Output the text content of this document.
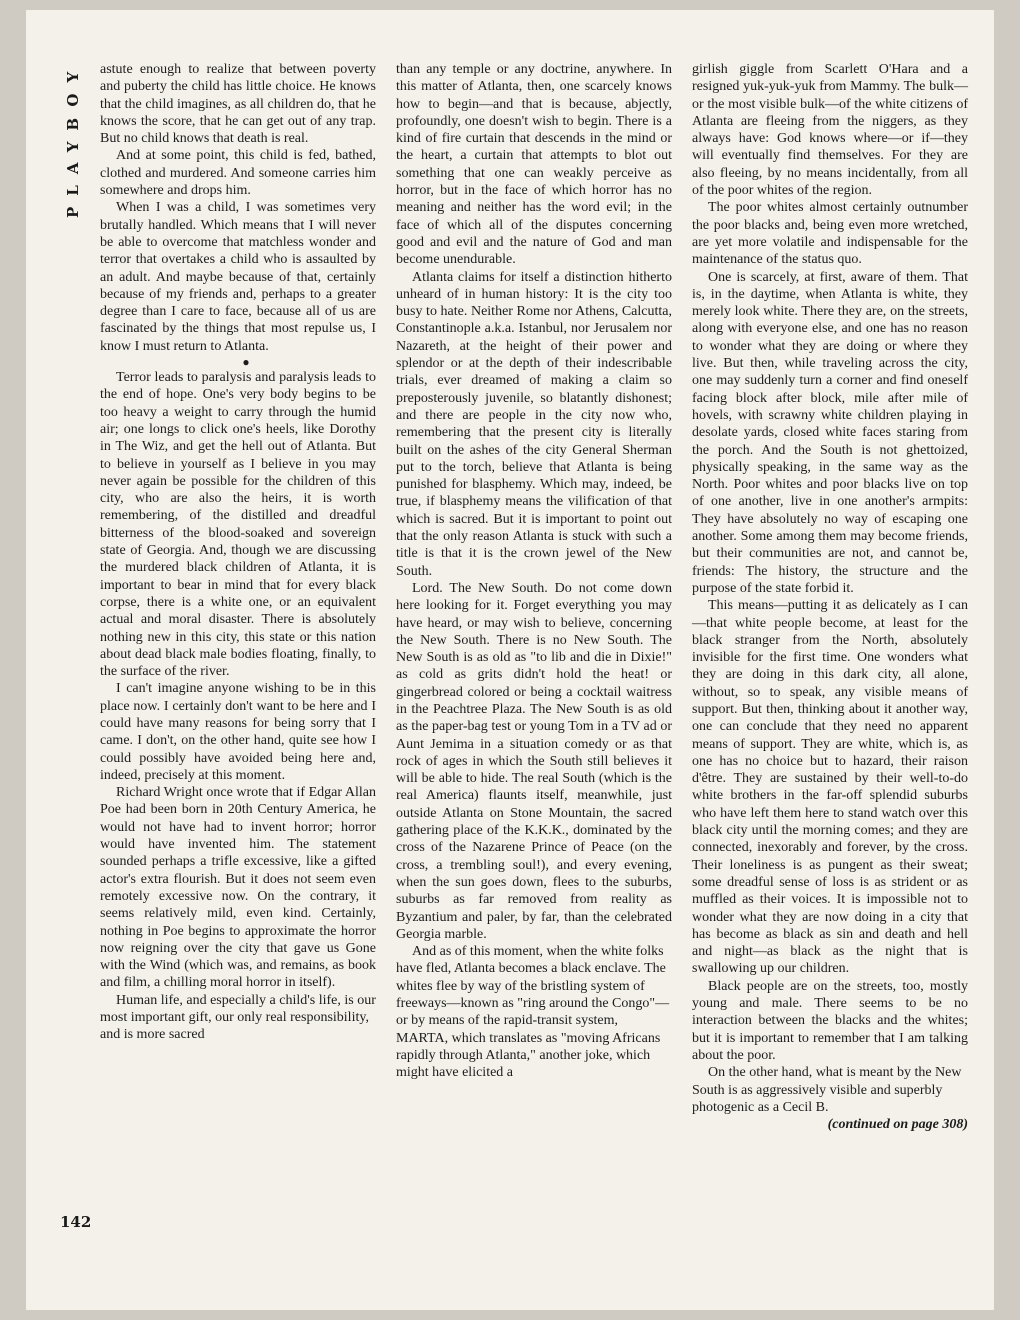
PLAYBOY astute enough to realize that between poverty and puberty the child has little choice. He knows that the child imagines, as all children do, that he knows the score, that he can get out of any trap. But no child knows that death is real.

And at some point, this child is fed, bathed, clothed and murdered. And someone carries him somewhere and drops him.

When I was a child, I was sometimes very brutally handled. Which means that I will never be able to overcome that matchless wonder and terror that overtakes a child who is assaulted by an adult. And maybe because of that, certainly because of my friends and, perhaps to a greater degree than I care to face, because all of us are fascinated by the things that most repulse us, I know I must return to Atlanta.

●

Terror leads to paralysis and paralysis leads to the end of hope. One's very body begins to be too heavy a weight to carry through the humid air; one longs to click one's heels, like Dorothy in The Wiz, and get the hell out of Atlanta. But to believe in yourself as I believe in you may never again be possible for the children of this city, who are also the heirs, it is worth remembering, of the distilled and dreadful bitterness of the blood-soaked and sovereign state of Georgia. And, though we are discussing the murdered black children of Atlanta, it is important to bear in mind that for every black corpse, there is a white one, or an equivalent actual and moral disaster. There is absolutely nothing new in this city, this state or this nation about dead black male bodies floating, finally, to the surface of the river.

I can't imagine anyone wishing to be in this place now. I certainly don't want to be here and I could have many reasons for being sorry that I came. I don't, on the other hand, quite see how I could possibly have avoided being here and, indeed, precisely at this moment.

Richard Wright once wrote that if Edgar Allan Poe had been born in 20th Century America, he would not have had to invent horror; horror would have invented him. The statement sounded perhaps a trifle excessive, like a gifted actor's extra flourish. But it does not seem even remotely excessive now. On the contrary, it seems relatively mild, even kind. Certainly, nothing in Poe begins to approximate the horror now reigning over the city that gave us Gone with the Wind (which was, and remains, as book and film, a chilling moral horror in itself).

Human life, and especially a child's life, is our most important gift, our only real responsibility, and is more sacred

than any temple or any doctrine, anywhere. In this matter of Atlanta, then, one scarcely knows how to begin—and that is because, abjectly, profoundly, one doesn't wish to begin. There is a kind of fire curtain that descends in the mind or the heart, a curtain that attempts to blot out something that one can weakly perceive as horror, but in the face of which horror has no meaning and neither has the word evil; in the face of which all of the disputes concerning good and evil and the nature of God and man become unendurable.

Atlanta claims for itself a distinction hitherto unheard of in human history: It is the city too busy to hate. Neither Rome nor Athens, Calcutta, Constantinople a.k.a. Istanbul, nor Jerusalem nor Nazareth, at the height of their power and splendor or at the depth of their indescribable trials, ever dreamed of making a claim so preposterously juvenile, so blatantly dishonest; and there are people in the city now who, remembering that the present city is literally built on the ashes of the city General Sherman put to the torch, believe that Atlanta is being punished for blasphemy. Which may, indeed, be true, if blasphemy means the vilification of that which is sacred. But it is important to point out that the only reason Atlanta is stuck with such a title is that it is the crown jewel of the New South.

Lord. The New South. Do not come down here looking for it. Forget everything you may have heard, or may wish to believe, concerning the New South. There is no New South. The New South is as old as "to lib and die in Dixie!" as cold as grits didn't hold the heat! or gingerbread colored or being a cocktail waitress in the Peachtree Plaza. The New South is as old as the paper-bag test or young Tom in a TV ad or Aunt Jemima in a situation comedy or as that rock of ages in which the South still believes it will be able to hide. The real South (which is the real America) flaunts itself, meanwhile, just outside Atlanta on Stone Mountain, the sacred gathering place of the K.K.K., dominated by the cross of the Nazarene Prince of Peace (on the cross, a trembling soul!), and every evening, when the sun goes down, flees to the suburbs, suburbs as far removed from reality as Byzantium and paler, by far, than the celebrated Georgia marble.

And as of this moment, when the white folks have fled, Atlanta becomes a black enclave. The whites flee by way of the bristling system of freeways—known as "ring around the Congo"—or by means of the rapid-transit system, MARTA, which translates as "moving Africans rapidly through Atlanta," another joke, which might have elicited a

girlish giggle from Scarlett O'Hara and a resigned yuk-yuk-yuk from Mammy. The bulk—or the most visible bulk—of the white citizens of Atlanta are fleeing from the niggers, as they always have: God knows where—or if—they will eventually find themselves. For they are also fleeing, by no means incidentally, from all of the poor whites of the region.

The poor whites almost certainly outnumber the poor blacks and, being even more wretched, are yet more volatile and indispensable for the maintenance of the status quo.

One is scarcely, at first, aware of them. That is, in the daytime, when Atlanta is white, they merely look white. There they are, on the streets, along with everyone else, and one has no reason to wonder what they are doing or where they live. But then, while traveling across the city, one may suddenly turn a corner and find oneself facing block after block, mile after mile of hovels, with scrawny white children playing in desolate yards, closed white faces staring from the porch. And the South is not ghettoized, physically speaking, in the same way as the North. Poor whites and poor blacks live on top of one another, live in one another's armpits: They have absolutely no way of escaping one another. Some among them may become friends, but their communities are not, and cannot be, friends: The history, the structure and the purpose of the state forbid it.

This means—putting it as delicately as I can—that white people become, at least for the black stranger from the North, absolutely invisible for the first time. One wonders what they are doing in this dark city, all alone, without, so to speak, any visible means of support. But then, thinking about it another way, one can conclude that they need no apparent means of support. They are white, which is, as one has no choice but to hazard, their raison d'être. They are sustained by their well-to-do white brothers in the far-off splendid suburbs who have left them here to stand watch over this black city until the morning comes; and they are connected, inexorably and forever, by the cross. Their loneliness is as pungent as their sweat; some dreadful sense of loss is as strident or as muffled as their voices. It is impossible not to wonder what they are now doing in a city that has become as black as sin and death and hell and night—as black as the night that is swallowing up our children.

Black people are on the streets, too, mostly young and male. There seems to be no interaction between the blacks and the whites; but it is important to remember that I am talking about the poor.

On the other hand, what is meant by the New South is as aggressively visible and superbly photogenic as a Cecil B.

(continued on page 308)

142
